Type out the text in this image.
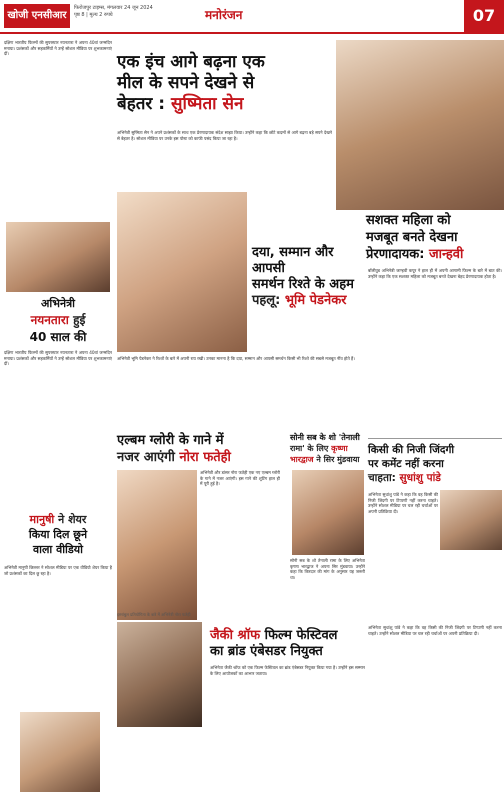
खोजी एनसीआर
फिरोजपुर टाइम्स, मंगलवार 24 जून 2024
पृष्ठ 8 | मूल्य 2 रुपये	मनोरंजन	07
दक्षिण भारतीय फिल्मों की सुपरस्टार नयनतारा ने अपना 40वां जन्मदिन मनाया। प्रशंसकों और सहकर्मियों ने उन्हें सोशल मीडिया पर शुभकामनाएं दीं।	एक इंच आगे बढ़ना एक
मील के सपने देखने से
बेहतर : सुष्मिता सेन
अभिनेत्री सुष्मिता सेन ने अपने प्रशंसकों के साथ एक प्रेरणादायक संदेश साझा किया। उन्होंने कहा कि छोटे कदमों से आगे बढ़ना बड़े सपने देखने से बेहतर है। सोशल मीडिया पर उनके इस पोस्ट को काफी पसंद किया जा रहा है।
अभिनेत्री
नयनतारा हुई
40 साल की
दक्षिण भारतीय फिल्मों की सुपरस्टार नयनतारा ने अपना 40वां जन्मदिन मनाया। प्रशंसकों और सहकर्मियों ने उन्हें सोशल मीडिया पर शुभकामनाएं दीं।
मानुषी ने शेयर
किया दिल छूने
वाला वीडियो
अभिनेत्री मानुषी छिल्लर ने सोशल मीडिया पर एक वीडियो शेयर किया है जो प्रशंसकों का दिल छू रहा है।
दया, सम्मान और आपसी
समर्थन रिश्ते के अहम
पहलू: भूमि पेडनेकर
अभिनेत्री भूमि पेडनेकर ने रिश्तों के बारे में अपनी राय रखी। उनका मानना है कि दया, सम्मान और आपसी समर्थन किसी भी रिश्ते की सबसे मजबूत नींव होते हैं।
सशक्त महिला को
मजबूत बनते देखना
प्रेरणादायक: जान्हवी
बॉलीवुड अभिनेत्री जान्हवी कपूर ने हाल ही में अपनी आगामी फिल्म के बारे में बात की। उन्होंने कहा कि एक सशक्त महिला को मजबूत बनते देखना बेहद प्रेरणादायक होता है।
एल्बम ग्लोरी के गाने में
नजर आएंगी नोरा फतेही
अभिनेत्री और डांसर नोरा फतेही एक नए एल्बम ग्लोरी के गाने में नजर आएंगी। इस गाने की शूटिंग हाल ही में पूरी हुई है।
इस्तांबुल प्रतियोगिता के बारे में अभिनेत्री नोरा फतेही
सोनी सब के शो 'तेनाली
रामा' के लिए कृष्णा
भारद्वाज ने सिर मुंडवाया
सोनी सब के शो तेनाली रामा के लिए अभिनेता कृष्णा भारद्वाज ने अपना सिर मुंडवाया। उन्होंने कहा कि किरदार की मांग के अनुसार यह जरूरी था।
किसी की निजी जिंदगी
पर कमेंट नहीं करना
चाहता: सुधांशु पांडे
अभिनेता सुधांशु पांडे ने कहा कि वह किसी की निजी जिंदगी पर टिप्पणी नहीं करना चाहते। उन्होंने सोशल मीडिया पर चल रही चर्चाओं पर अपनी प्रतिक्रिया दी।
जैकी श्रॉफ फिल्म फेस्टिवल
का ब्रांड एंबेसडर नियुक्त
अभिनेता जैकी श्रॉफ को एक फिल्म फेस्टिवल का ब्रांड एंबेसडर नियुक्त किया गया है। उन्होंने इस सम्मान के लिए आयोजकों का आभार जताया।
अभिनेता सुधांशु पांडे ने कहा कि वह किसी की निजी जिंदगी पर टिप्पणी नहीं करना चाहते। उन्होंने सोशल मीडिया पर चल रही चर्चाओं पर अपनी प्रतिक्रिया दी।
